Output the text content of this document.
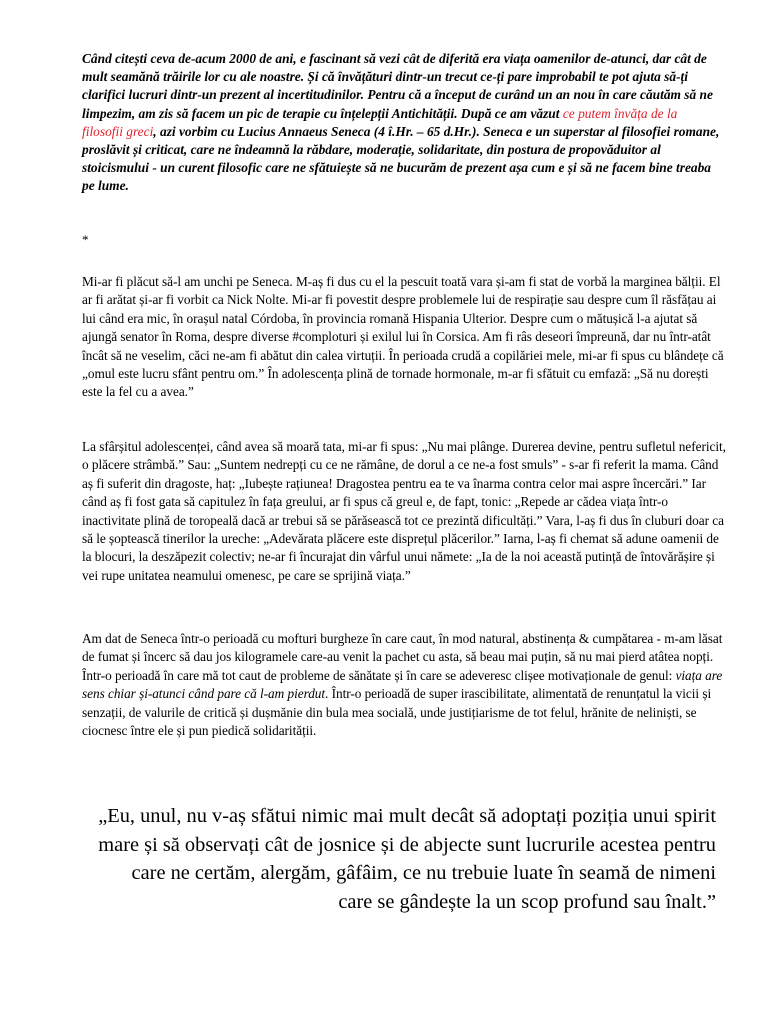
Când citești ceva de-acum 2000 de ani, e fascinant să vezi cât de diferită era viața oamenilor de-atunci, dar cât de mult seamănă trăirile lor cu ale noastre. Și că învățături dintr-un trecut ce-ți pare improbabil te pot ajuta să-ți clarifici lucruri dintr-un prezent al incertitudinilor. Pentru că a început de curând un an nou în care căutăm să ne limpezim, am zis să facem un pic de terapie cu înțelepții Antichității. După ce am văzut ce putem învăța de la filosofii greci, azi vorbim cu Lucius Annaeus Seneca (4 î.Hr. – 65 d.Hr.). Seneca e un superstar al filosofiei romane, proslăvit și criticat, care ne îndeamnă la răbdare, moderație, solidaritate, din postura de propovăduitor al stoicismului - un curent filosofic care ne sfătuiește să ne bucurăm de prezent așa cum e și să ne facem bine treaba pe lume.

*

Mi-ar fi plăcut să-l am unchi pe Seneca. M-aș fi dus cu el la pescuit toată vara și-am fi stat de vorbă la marginea bălții. El ar fi arătat și-ar fi vorbit ca Nick Nolte. Mi-ar fi povestit despre problemele lui de respirație sau despre cum îl răsfățau ai lui când era mic, în orașul natal Córdoba, în provincia romană Hispania Ulterior. Despre cum o mătușică l-a ajutat să ajungă senator în Roma, despre diverse #comploturi și exilul lui în Corsica. Am fi râs deseori împreună, dar nu într-atât încât să ne veselim, căci ne-am fi abătut din calea virtuții. În perioada crudă a copilăriei mele, mi-ar fi spus cu blândețe că „omul este lucru sfânt pentru om.” În adolescența plină de tornade hormonale, m-ar fi sfătuit cu emfază: „Să nu dorești este la fel cu a avea.”

La sfârșitul adolescenței, când avea să moară tata, mi-ar fi spus: „Nu mai plânge. Durerea devine, pentru sufletul nefericit, o plăcere strâmbă.” Sau: „Suntem nedrepți cu ce ne rămâne, de dorul a ce ne-a fost smuls” - s-ar fi referit la mama. Când aș fi suferit din dragoste, haț: „Iubește rațiunea! Dragostea pentru ea te va înarma contra celor mai aspre încercări.” Iar când aș fi fost gata să capitulez în fața greului, ar fi spus că greul e, de fapt, tonic: „Repede ar cădea viața într-o inactivitate plină de toropeală dacă ar trebui să se părăsească tot ce prezintă dificultăți.” Vara, l-aș fi dus în cluburi doar ca să le șoptească tinerilor la ureche: „Adevărata plăcere este disprețul plăcerilor.” Iarna, l-aș fi chemat să adune oamenii de la blocuri, la deszăpezit colectiv; ne-ar fi încurajat din vârful unui nămete: „Ia de la noi această putință de întovărășire și vei rupe unitatea neamului omenesc, pe care se sprijină viața.”

Am dat de Seneca într-o perioadă cu mofturi burgheze în care caut, în mod natural, abstinența & cumpătarea - m-am lăsat de fumat și încerc să dau jos kilogramele care-au venit la pachet cu asta, să beau mai puțin, să nu mai pierd atâtea nopți. Într-o perioadă în care mă tot caut de probleme de sănătate și în care se adeveresc clișee motivaționale de genul: viața are sens chiar și-atunci când pare că l-am pierdut. Într-o perioadă de super irascibilitate, alimentată de renunțatul la vicii și senzații, de valurile de critică și dușmănie din bula mea socială, unde justițiarisme de tot felul, hrănite de neliniști, se ciocnesc între ele și pun piedică solidarității.

„Eu, unul, nu v-aș sfătui nimic mai mult decât să adoptați poziția unui spirit mare și să observați cât de josnice și de abjecte sunt lucrurile acestea pentru care ne certăm, alergăm, gâfâim, ce nu trebuie luate în seamă de nimeni care se gândește la un scop profund sau înalt.”
